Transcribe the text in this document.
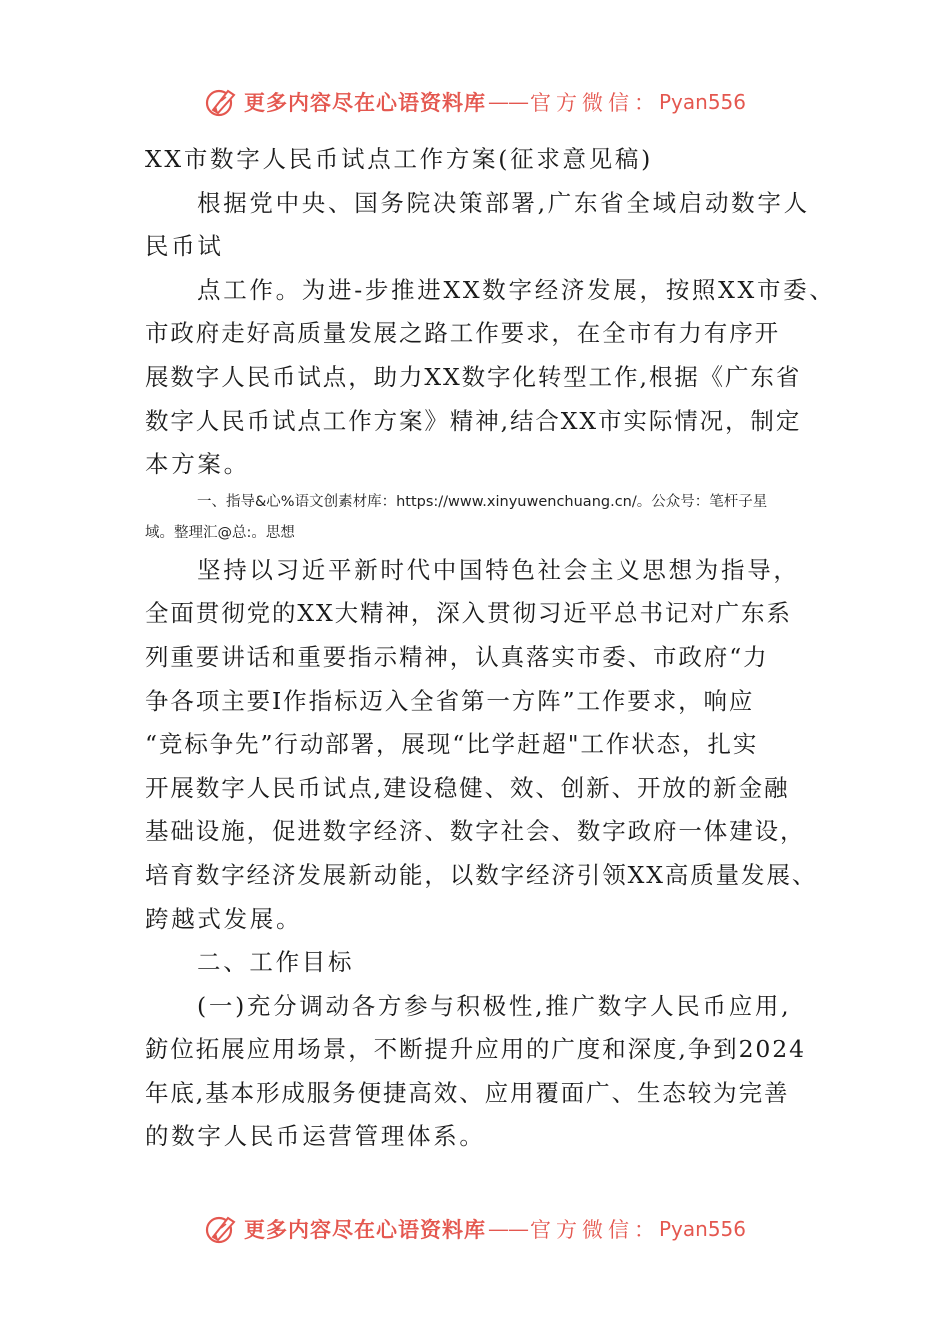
更多内容尽在心语资料库 —— 官方微信 ： Pyan556
XX市数字人民币试点工作方案(征求意见稿)
根据党中央、国务院决策部署,广东省全域启动数字人
民币试
点工作。为进-步推进XX数字经济发展，按照XX市委、
市政府走好高质量发展之路工作要求，在全市有力有序开
展数字人民币试点，助力XX数字化转型工作,根据《广东省
数字人民币试点工作方案》精神,结合XX市实际情况，制定
本方案。
一、指导&心%语文创素材库：https://www.xinyuwenchuang.cn/。公众号：笔杆子星
域。整理汇@总:。思想
坚持以习近平新时代中国特色社会主义思想为指导，
全面贯彻党的XX大精神，深入贯彻习近平总书记对广东系
列重要讲话和重要指示精神，认真落实市委、市政府“力
争各项主要I作指标迈入全省第一方阵”工作要求，响应
“竞标争先”行动部署，展现“比学赶超"工作状态，扎实
开展数字人民币试点,建设稳健、效、创新、开放的新金融
基础设施，促进数字经济、数字社会、数字政府一体建设，
培育数字经济发展新动能，以数字经济引领XX高质量发展、
跨越式发展。
二、工作目标
(一)充分调动各方参与积极性,推广数字人民币应用,
鈁位拓展应用场景，不断提升应用的广度和深度,争到2024
年底,基本形成服务便捷高效、应用覆面广、生态较为完善
的数字人民币运营管理体系。
更多内容尽在心语资料库 —— 官方微信 ： Pyan556
